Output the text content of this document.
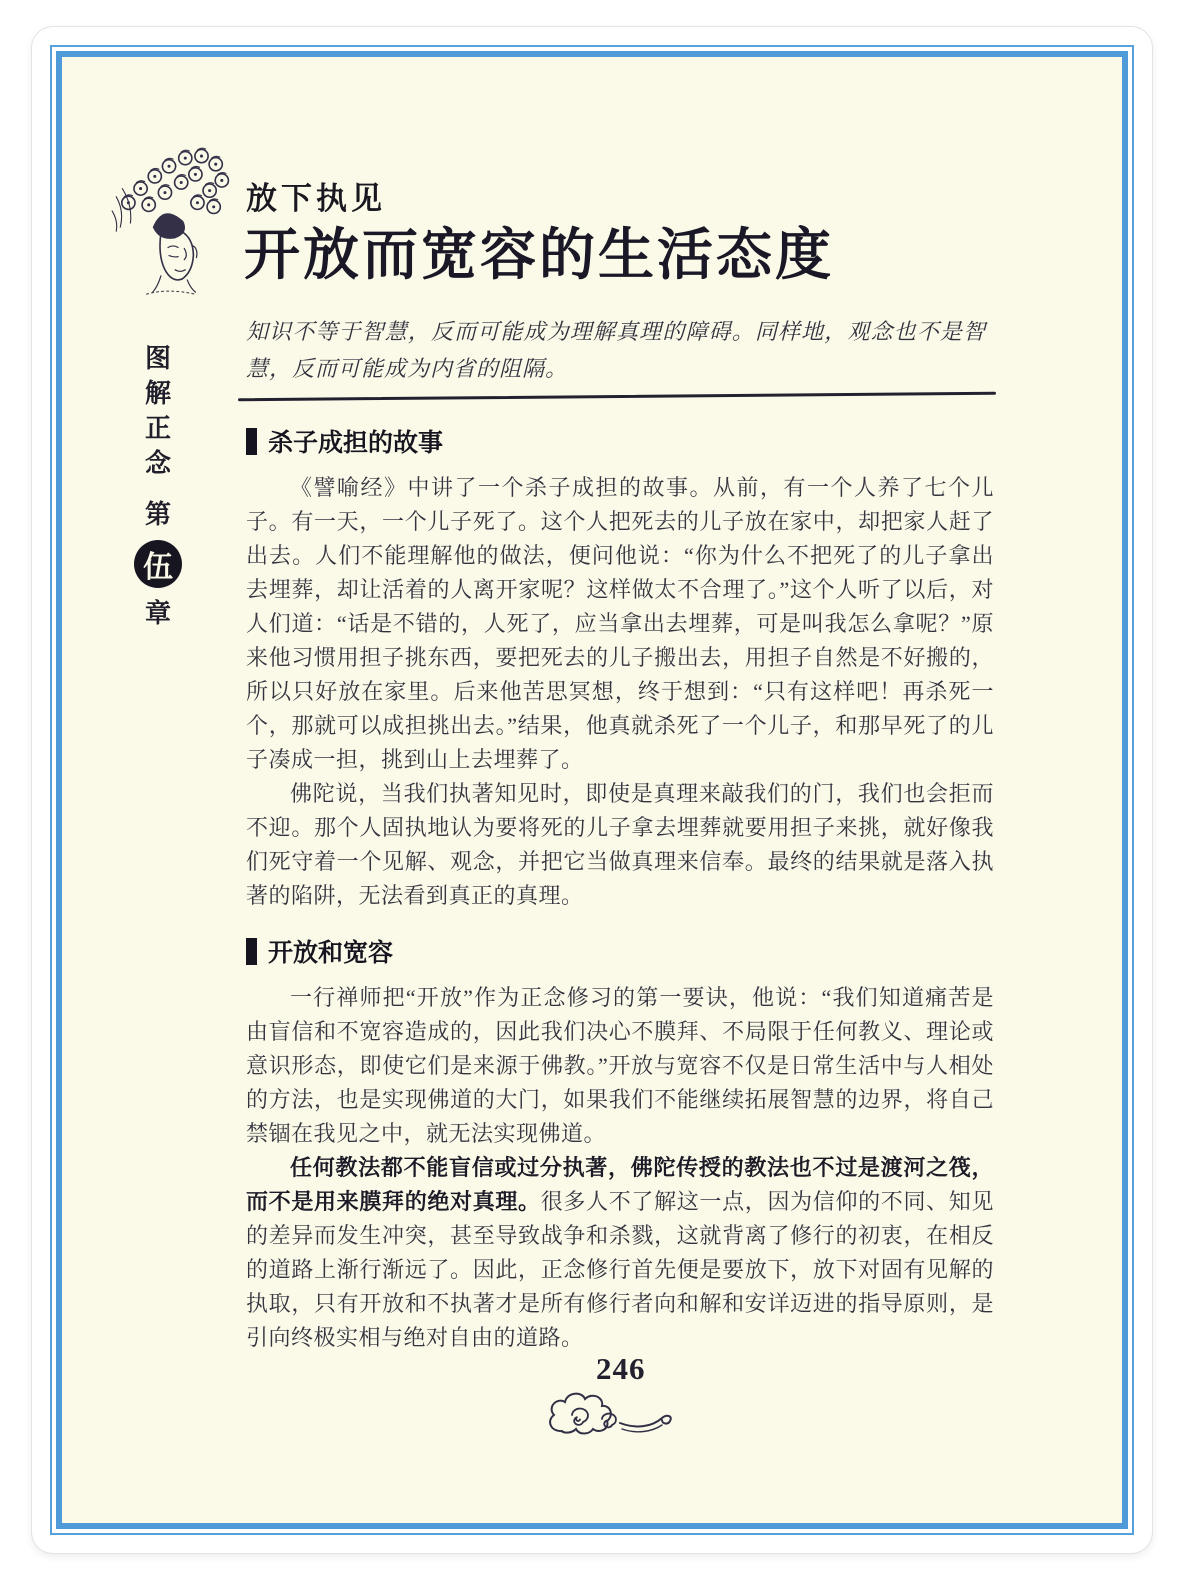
放下执见
开放而宽容的生活态度
知识不等于智慧，反而可能成为理解真理的障碍。同样地，观念也不是智慧，反而可能成为内省的阻隔。
图
解
正
念
第
伍
章
杀子成担的故事

《譬喻经》中讲了一个杀子成担的故事。从前，有一个人养了七个儿子。有一天，一个儿子死了。这个人把死去的儿子放在家中，却把家人赶了出去。人们不能理解他的做法，便问他说：“你为什么不把死了的儿子拿出去埋葬，却让活着的人离开家呢？这样做太不合理了。”这个人听了以后，对人们道：“话是不错的，人死了，应当拿出去埋葬，可是叫我怎么拿呢？”原来他习惯用担子挑东西，要把死去的儿子搬出去，用担子自然是不好搬的，所以只好放在家里。后来他苦思冥想，终于想到：“只有这样吧！再杀死一个，那就可以成担挑出去。”结果，他真就杀死了一个儿子，和那早死了的儿子凑成一担，挑到山上去埋葬了。

佛陀说，当我们执著知见时，即使是真理来敲我们的门，我们也会拒而不迎。那个人固执地认为要将死的儿子拿去埋葬就要用担子来挑，就好像我们死守着一个见解、观念，并把它当做真理来信奉。最终的结果就是落入执著的陷阱，无法看到真正的真理。

开放和宽容

一行禅师把“开放”作为正念修习的第一要诀，他说：“我们知道痛苦是由盲信和不宽容造成的，因此我们决心不膜拜、不局限于任何教义、理论或意识形态，即使它们是来源于佛教。”开放与宽容不仅是日常生活中与人相处的方法，也是实现佛道的大门，如果我们不能继续拓展智慧的边界，将自己禁锢在我见之中，就无法实现佛道。

任何教法都不能盲信或过分执著，佛陀传授的教法也不过是渡河之筏，而不是用来膜拜的绝对真理。很多人不了解这一点，因为信仰的不同、知见的差异而发生冲突，甚至导致战争和杀戮，这就背离了修行的初衷，在相反的道路上渐行渐远了。因此，正念修行首先便是要放下，放下对固有见解的执取，只有开放和不执著才是所有修行者向和解和安详迈进的指导原则，是引向终极实相与绝对自由的道路。

246
